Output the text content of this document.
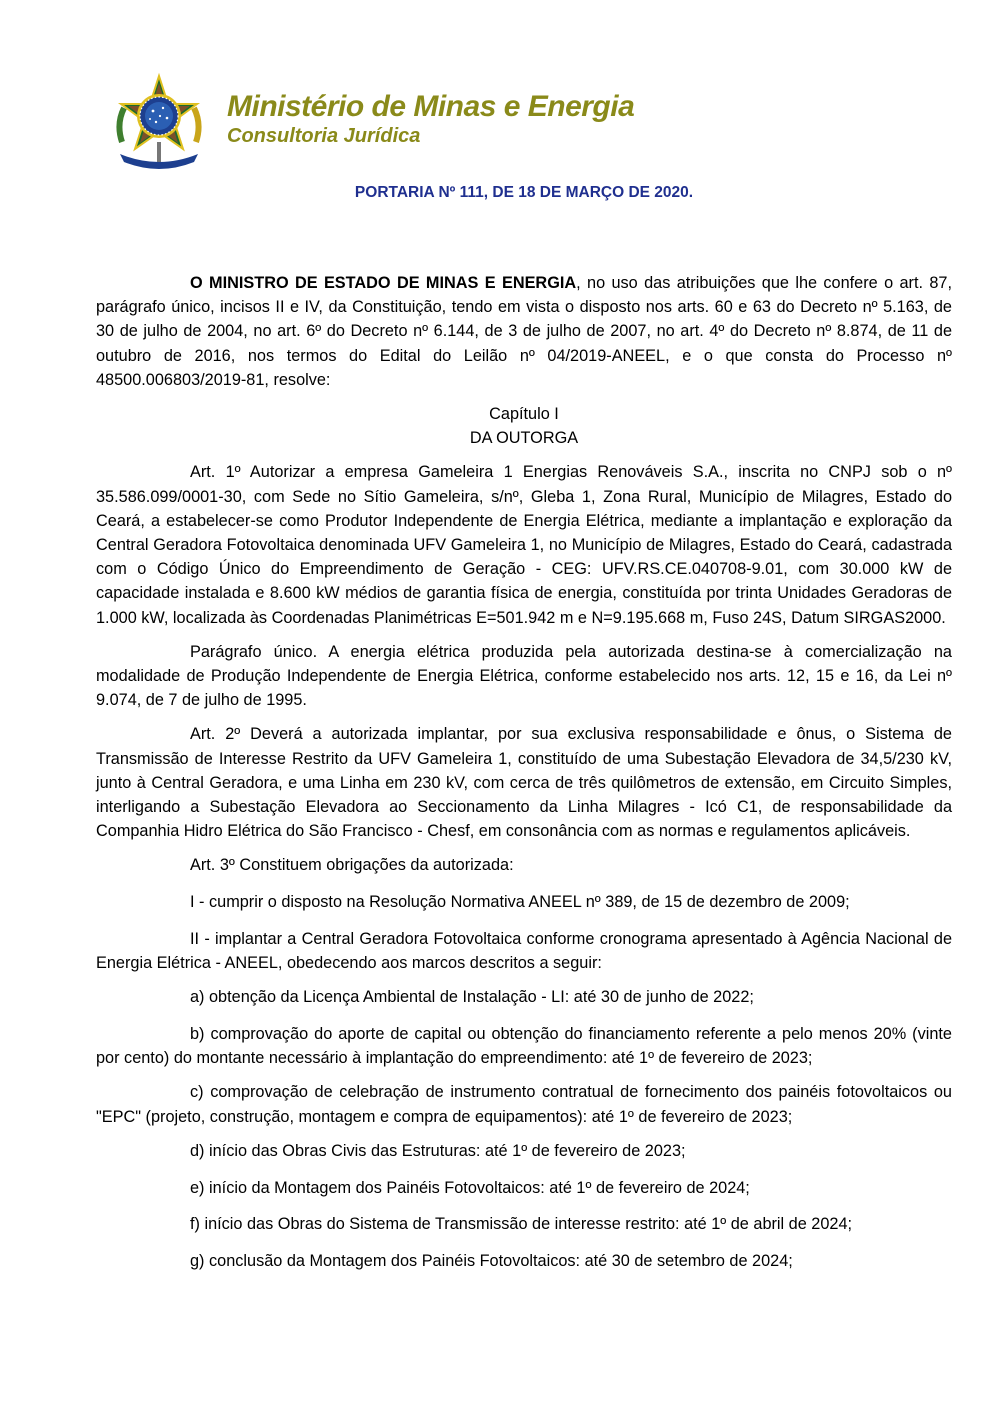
Ministério de Minas e Energia
Consultoria Jurídica
PORTARIA Nº 111, DE 18 DE MARÇO DE 2020.

O MINISTRO DE ESTADO DE MINAS E ENERGIA, no uso das atribuições que lhe confere o art. 87, parágrafo único, incisos II e IV, da Constituição, tendo em vista o disposto nos arts. 60 e 63 do Decreto nº 5.163, de 30 de julho de 2004, no art. 6º do Decreto nº 6.144, de 3 de julho de 2007, no art. 4º do Decreto nº 8.874, de 11 de outubro de 2016, nos termos do Edital do Leilão nº 04/2019-ANEEL, e o que consta do Processo nº 48500.006803/2019-81, resolve:

Capítulo I

DA OUTORGA

Art. 1º Autorizar a empresa Gameleira 1 Energias Renováveis S.A., inscrita no CNPJ sob o nº 35.586.099/0001-30, com Sede no Sítio Gameleira, s/nº, Gleba 1, Zona Rural, Município de Milagres, Estado do Ceará, a estabelecer-se como Produtor Independente de Energia Elétrica, mediante a implantação e exploração da Central Geradora Fotovoltaica denominada UFV Gameleira 1, no Município de Milagres, Estado do Ceará, cadastrada com o Código Único do Empreendimento de Geração - CEG: UFV.RS.CE.040708-9.01, com 30.000 kW de capacidade instalada e 8.600 kW médios de garantia física de energia, constituída por trinta Unidades Geradoras de 1.000 kW, localizada às Coordenadas Planimétricas E=501.942 m e N=9.195.668 m, Fuso 24S, Datum SIRGAS2000.

Parágrafo único. A energia elétrica produzida pela autorizada destina-se à comercialização na modalidade de Produção Independente de Energia Elétrica, conforme estabelecido nos arts. 12, 15 e 16, da Lei nº 9.074, de 7 de julho de 1995.

Art. 2º Deverá a autorizada implantar, por sua exclusiva responsabilidade e ônus, o Sistema de Transmissão de Interesse Restrito da UFV Gameleira 1, constituído de uma Subestação Elevadora de 34,5/230 kV, junto à Central Geradora, e uma Linha em 230 kV, com cerca de três quilômetros de extensão, em Circuito Simples, interligando a Subestação Elevadora ao Seccionamento da Linha Milagres - Icó C1, de responsabilidade da Companhia Hidro Elétrica do São Francisco - Chesf, em consonância com as normas e regulamentos aplicáveis.

Art. 3º Constituem obrigações da autorizada:

I - cumprir o disposto na Resolução Normativa ANEEL nº 389, de 15 de dezembro de 2009;

II - implantar a Central Geradora Fotovoltaica conforme cronograma apresentado à Agência Nacional de Energia Elétrica - ANEEL, obedecendo aos marcos descritos a seguir:

a) obtenção da Licença Ambiental de Instalação - LI: até 30 de junho de 2022;

b) comprovação do aporte de capital ou obtenção do financiamento referente a pelo menos 20% (vinte por cento) do montante necessário à implantação do empreendimento: até 1º de fevereiro de 2023;

c) comprovação de celebração de instrumento contratual de fornecimento dos painéis fotovoltaicos ou "EPC" (projeto, construção, montagem e compra de equipamentos): até 1º de fevereiro de 2023;

d) início das Obras Civis das Estruturas: até 1º de fevereiro de 2023;

e) início da Montagem dos Painéis Fotovoltaicos: até 1º de fevereiro de 2024;

f) início das Obras do Sistema de Transmissão de interesse restrito: até 1º de abril de 2024;

g) conclusão da Montagem dos Painéis Fotovoltaicos: até 30 de setembro de 2024;
